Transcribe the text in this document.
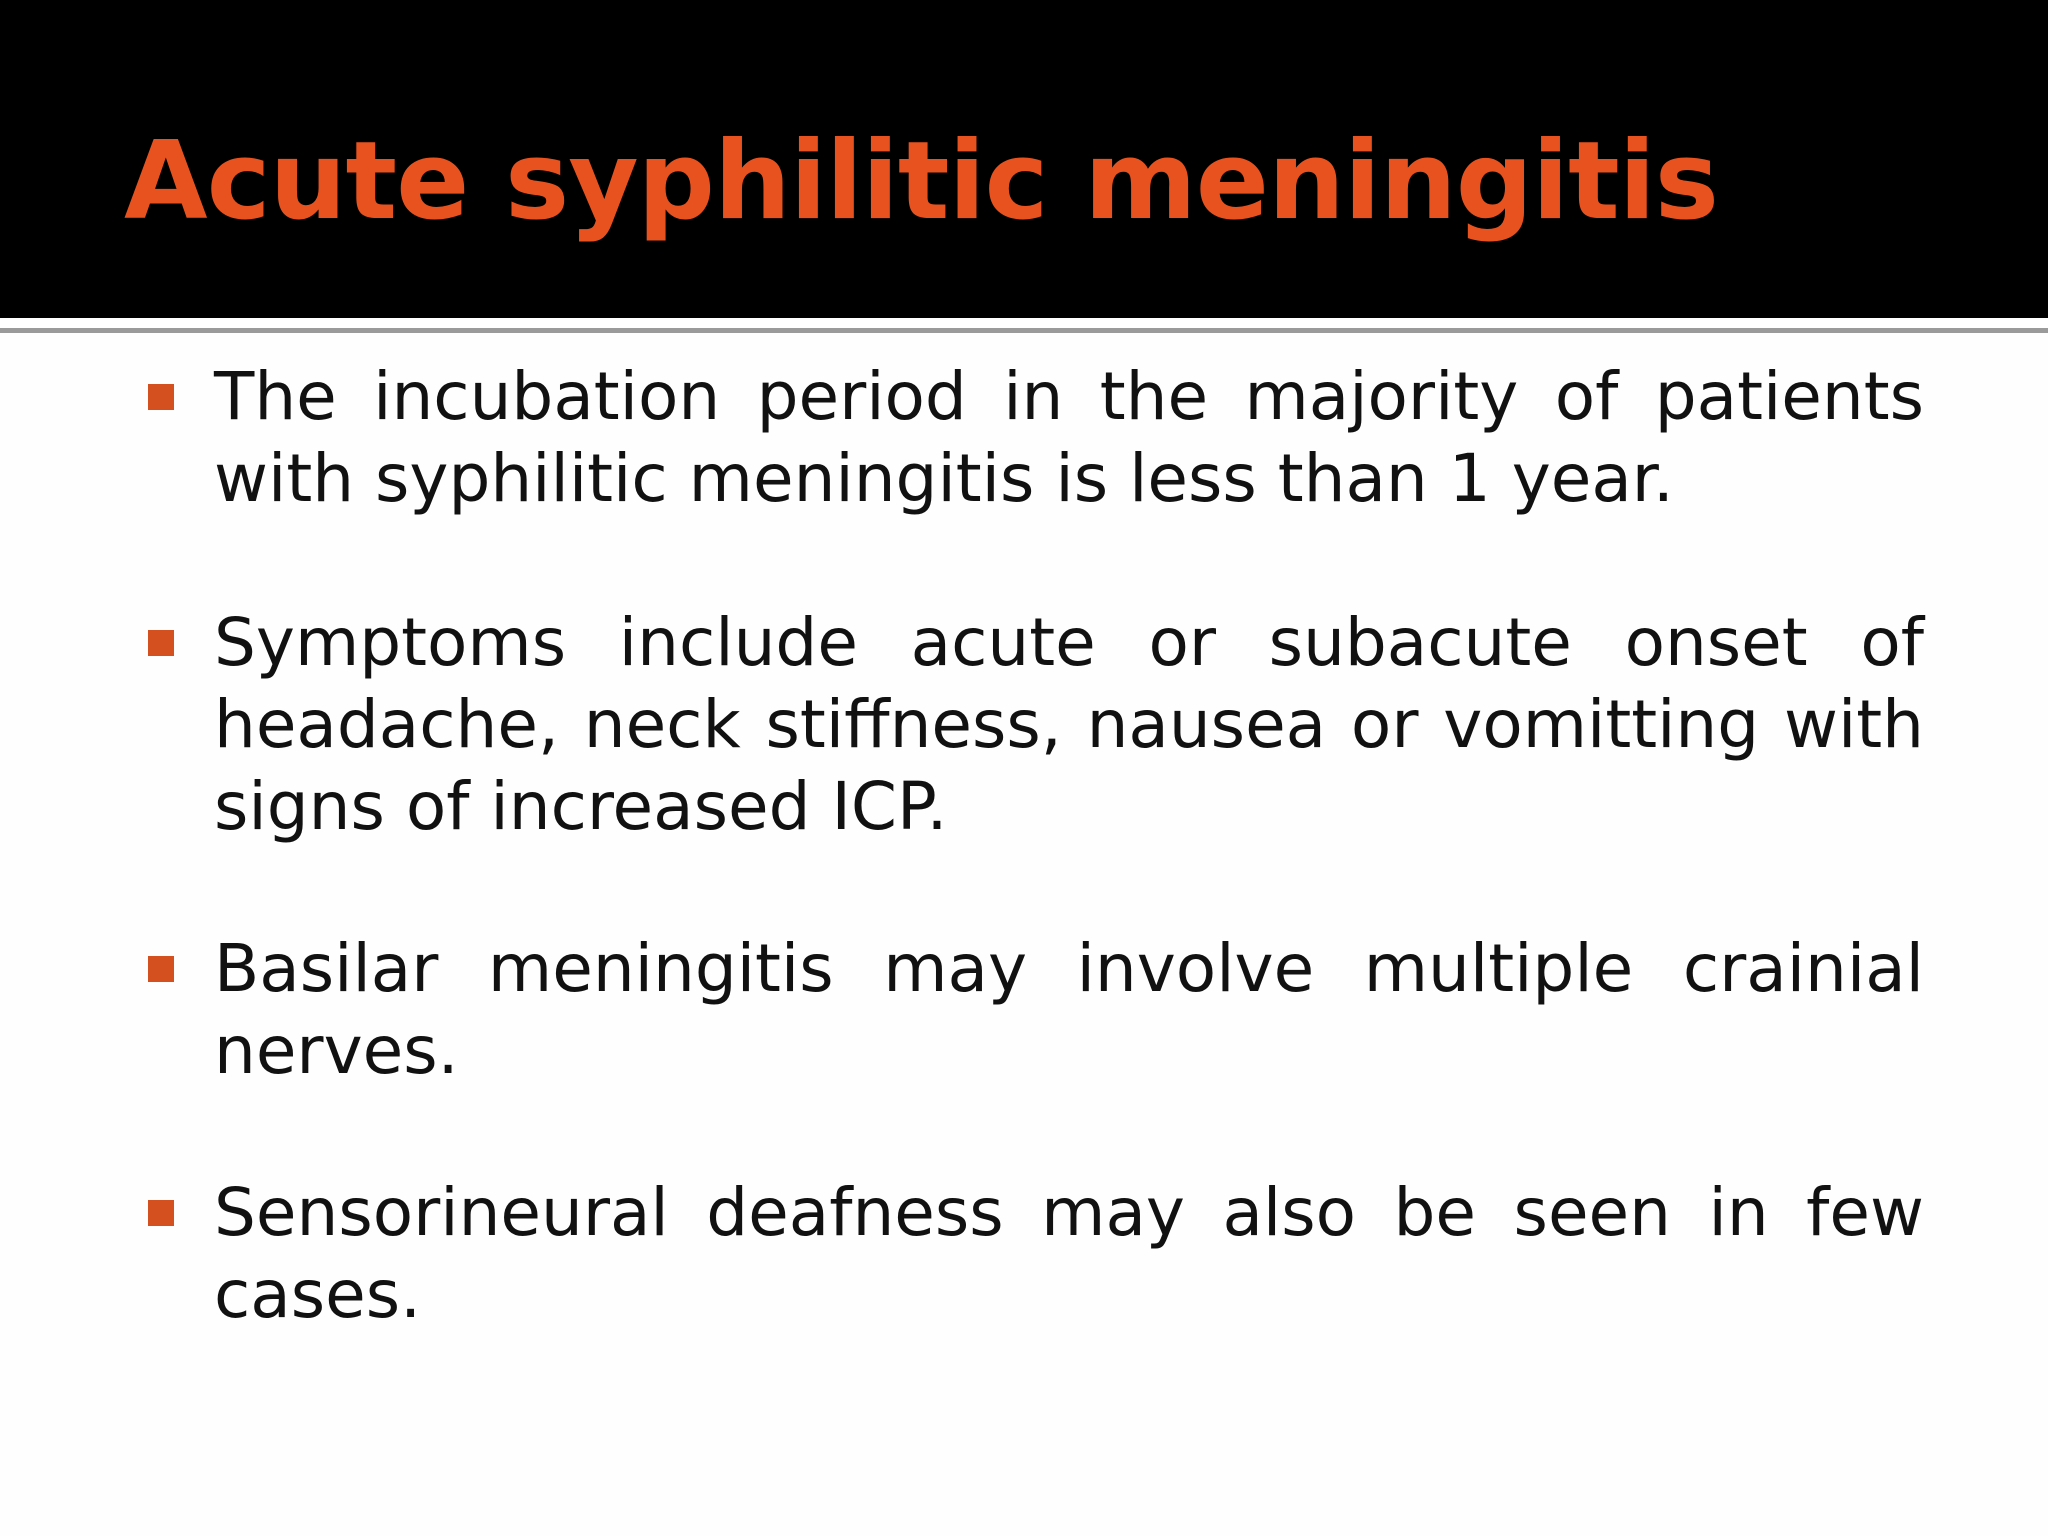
Acute syphilitic meningitis

The incubation period in the majority of patients with syphilitic meningitis is less than 1 year.

Symptoms include acute or subacute onset of headache, neck stiffness, nausea or vomitting with signs of increased ICP.

Basilar meningitis may involve multiple crainial nerves.

Sensorineural deafness may also be seen in few cases.
